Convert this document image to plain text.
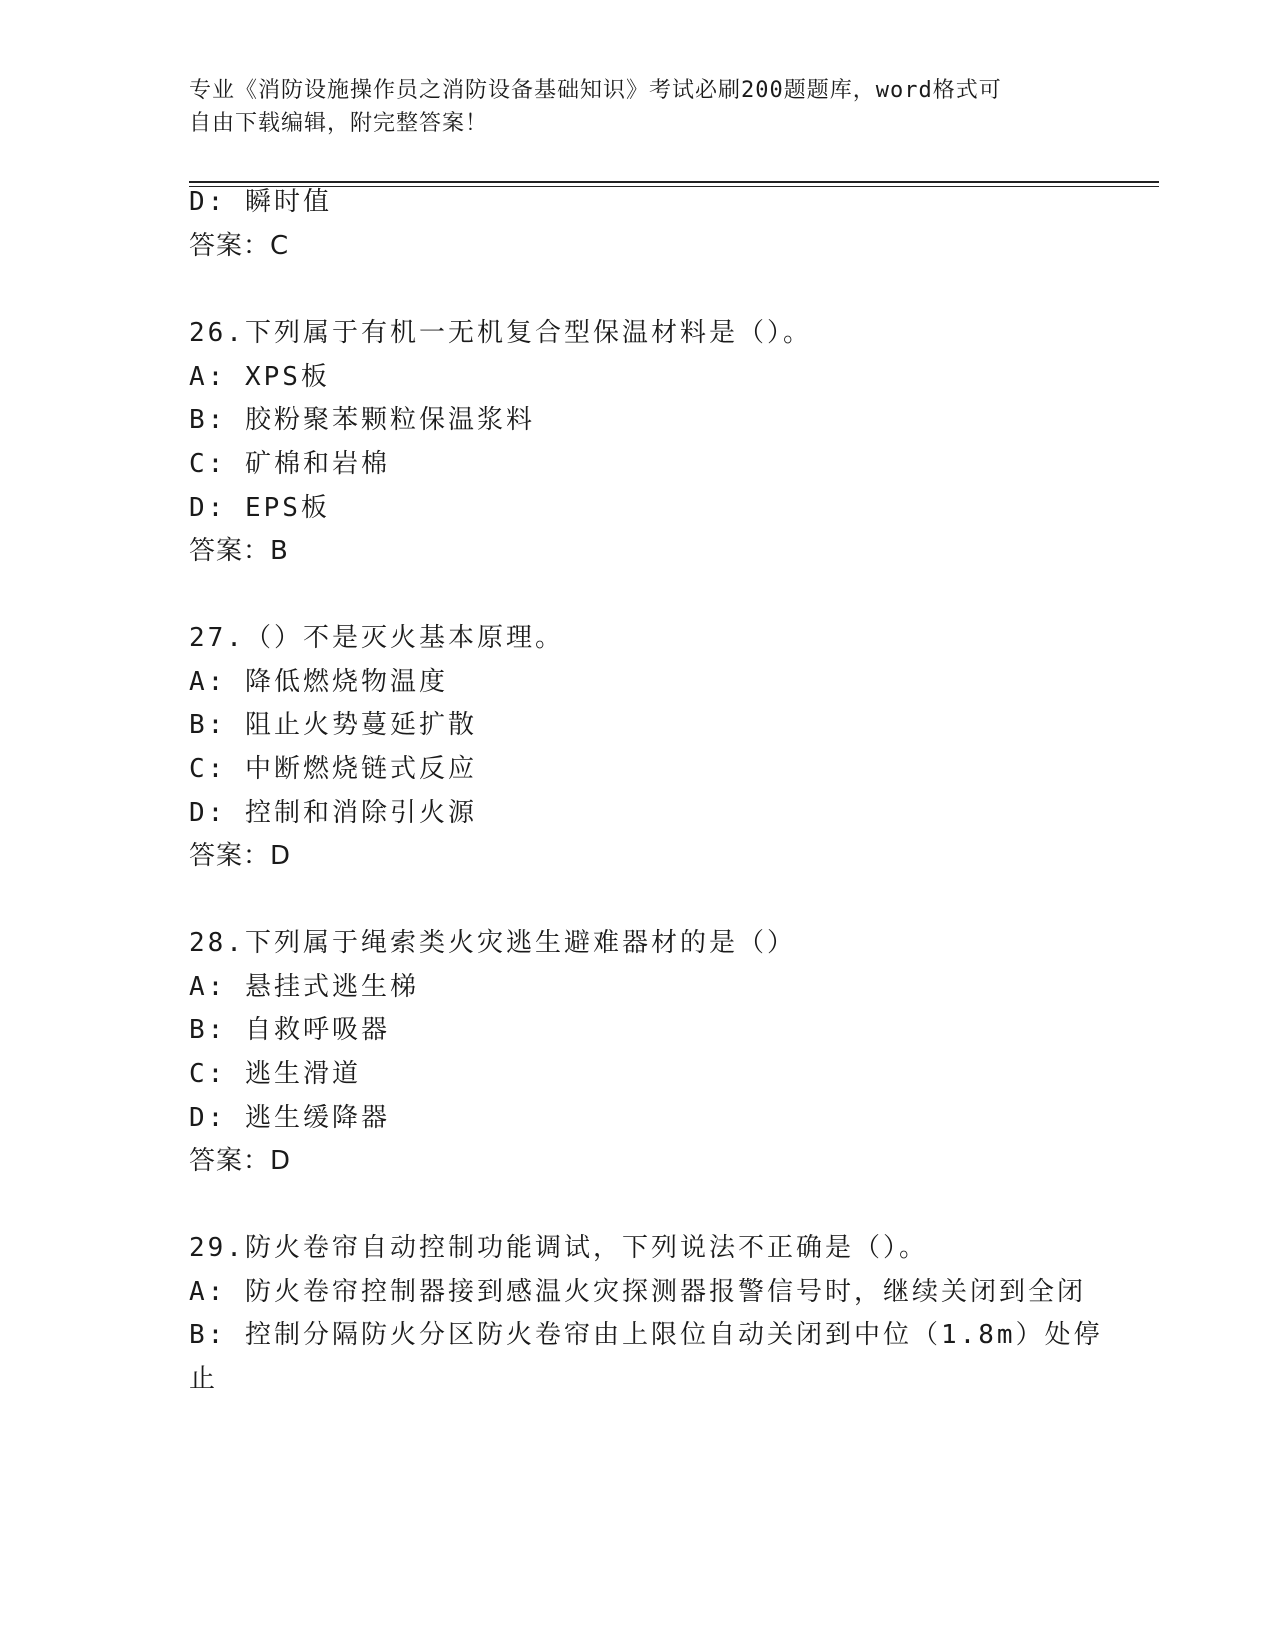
专业《消防设施操作员之消防设备基础知识》考试必刷200题题库，word格式可
自由下载编辑，附完整答案！
D: 瞬时值
答案：C
26.下列属于有机一无机复合型保温材料是（）。
A: XPS板
B: 胶粉聚苯颗粒保温浆料
C: 矿棉和岩棉
D: EPS板
答案：B
27.（）不是灭火基本原理。
A: 降低燃烧物温度
B: 阻止火势蔓延扩散
C: 中断燃烧链式反应
D: 控制和消除引火源
答案：D
28.下列属于绳索类火灾逃生避难器材的是（）
A: 悬挂式逃生梯
B: 自救呼吸器
C: 逃生滑道
D: 逃生缓降器
答案：D
29.防火卷帘自动控制功能调试，下列说法不正确是（）。
A: 防火卷帘控制器接到感温火灾探测器报警信号时，继续关闭到全闭
B: 控制分隔防火分区防火卷帘由上限位自动关闭到中位（1.8m）处停
止
